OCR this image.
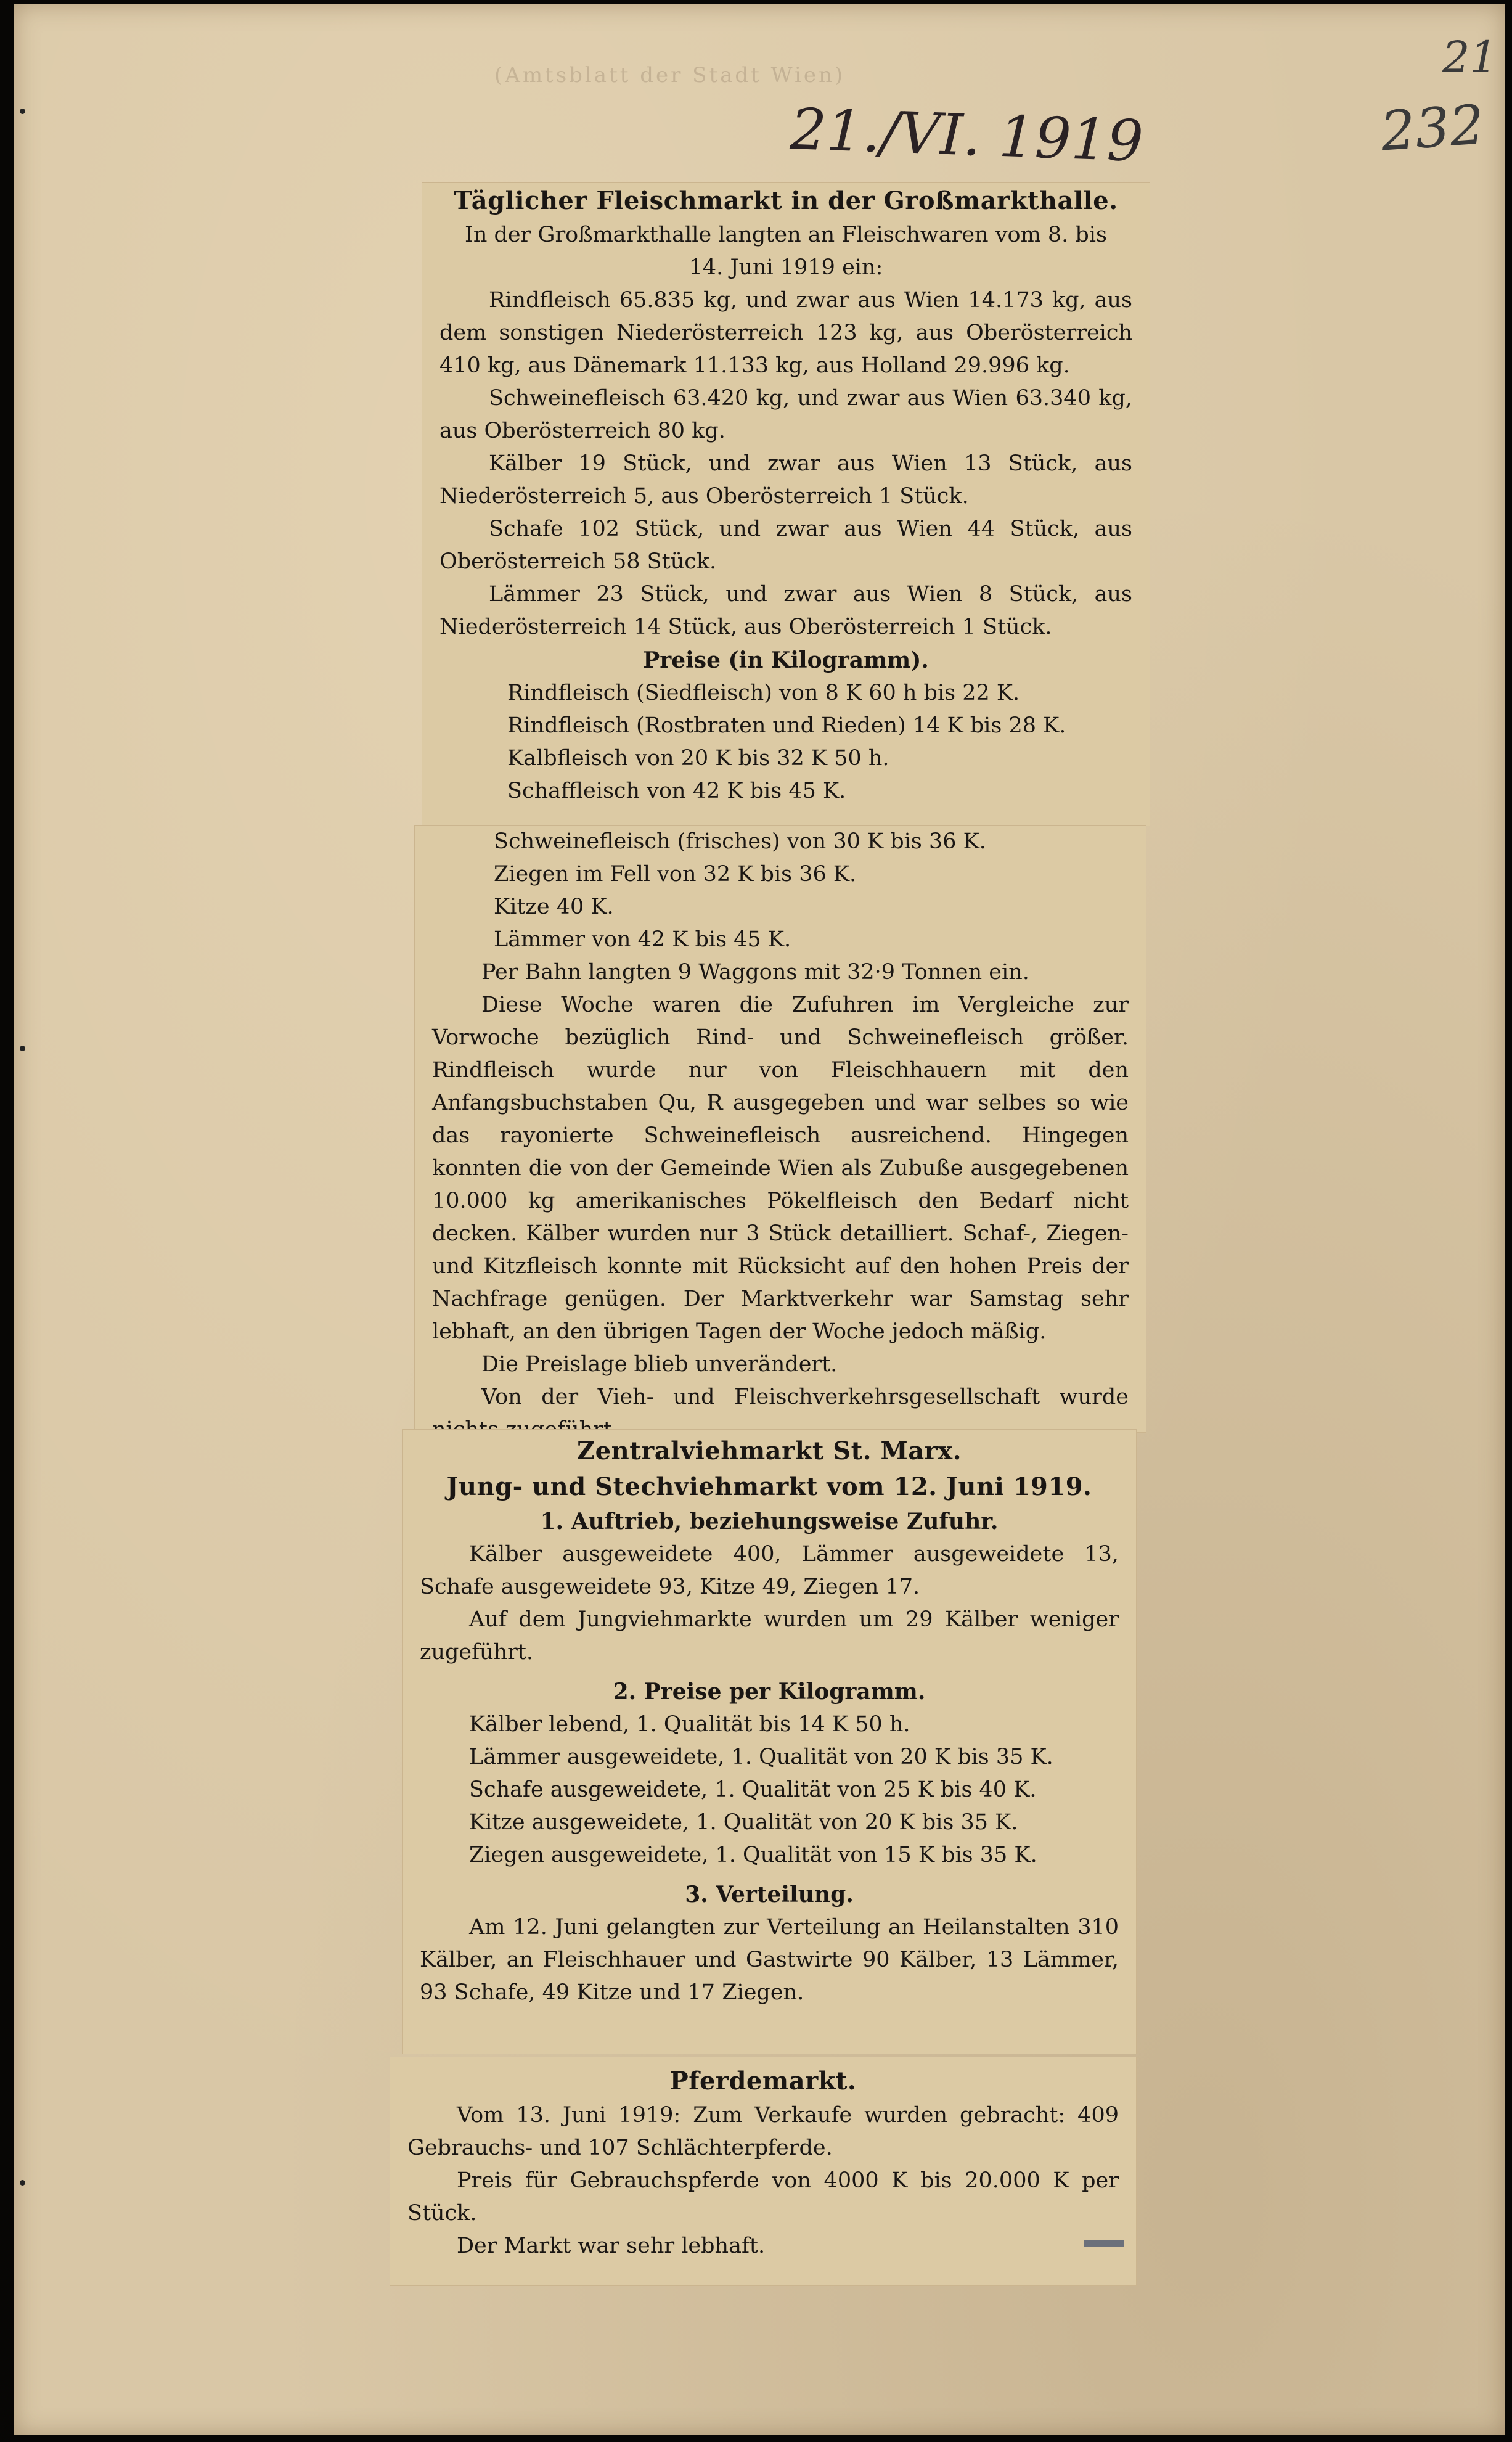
(Amtsblatt der Stadt Wien)
21./VI. 1919
21
232
Täglicher Fleischmarkt in der Großmarkthalle.

In der Großmarkthalle langten an Fleischwaren vom 8. bis 14. Juni 1919 ein:

Rindfleisch 65.835 kg, und zwar aus Wien 14.173 kg, aus dem sonstigen Niederösterreich 123 kg, aus Oberösterreich 410 kg, aus Dänemark 11.133 kg, aus Holland 29.996 kg.

Schweinefleisch 63.420 kg, und zwar aus Wien 63.340 kg, aus Oberösterreich 80 kg.

Kälber 19 Stück, und zwar aus Wien 13 Stück, aus Niederösterreich 5, aus Oberösterreich 1 Stück.

Schafe 102 Stück, und zwar aus Wien 44 Stück, aus Oberösterreich 58 Stück.

Lämmer 23 Stück, und zwar aus Wien 8 Stück, aus Niederösterreich 14 Stück, aus Oberösterreich 1 Stück.

Preise (in Kilogramm).

Rindfleisch (Siedfleisch) von 8 K 60 h bis 22 K.

Rindfleisch (Rostbraten und Rieden) 14 K bis 28 K.

Kalbfleisch von 20 K bis 32 K 50 h.

Schaffleisch von 42 K bis 45 K.

Schweinefleisch (frisches) von 30 K bis 36 K.

Ziegen im Fell von 32 K bis 36 K.

Kitze 40 K.

Lämmer von 42 K bis 45 K.

Per Bahn langten 9 Waggons mit 32·9 Tonnen ein.

Diese Woche waren die Zufuhren im Vergleiche zur Vorwoche bezüglich Rind- und Schweinefleisch größer. Rindfleisch wurde nur von Fleischhauern mit den Anfangsbuchstaben Qu, R ausgegeben und war selbes so wie das rayonierte Schweinefleisch ausreichend. Hingegen konnten die von der Gemeinde Wien als Zubuße ausgegebenen 10.000 kg amerikanisches Pökelfleisch den Bedarf nicht decken. Kälber wurden nur 3 Stück detailliert. Schaf-, Ziegen- und Kitzfleisch konnte mit Rücksicht auf den hohen Preis der Nachfrage genügen. Der Marktverkehr war Samstag sehr lebhaft, an den übrigen Tagen der Woche jedoch mäßig.

Die Preislage blieb unverändert.

Von der Vieh- und Fleischverkehrsgesellschaft wurde

Zentralviehmarkt St. Marx.
Jung- und Stechviehmarkt vom 12. Juni 1919.
1. Auftrieb, beziehungsweise Zufuhr.

Kälber ausgeweidete 400, Lämmer ausgeweidete 13, Schafe ausgeweidete 93, Kitze 49, Ziegen 17.

Auf dem Jungviehmarkte wurden um 29 Kälber weniger zugeführt.

2. Preise per Kilogramm.

Kälber lebend, 1. Qualität bis 14 K 50 h.

Lämmer ausgeweidete, 1. Qualität von 20 K bis 35 K.

Schafe ausgeweidete, 1. Qualität von 25 K bis 40 K.

Kitze ausgeweidete, 1. Qualität von 20 K bis 35 K.

Ziegen ausgeweidete, 1. Qualität von 15 K bis 35 K.

3. Verteilung.

Am 12. Juni gelangten zur Verteilung an Heilanstalten 310 Kälber, an Fleischhauer und Gastwirte 90 Kälber, 13 Lämmer, 93 Schafe, 49 Kitze und 17 Ziegen.

Pferdemarkt.

Vom 13. Juni 1919: Zum Verkaufe wurden gebracht: 409 Gebrauchs- und 107 Schlächterpferde.

Preis für Gebrauchspferde von 4000 K bis 20.000 K per Stück.

Der Markt war sehr lebhaft.
